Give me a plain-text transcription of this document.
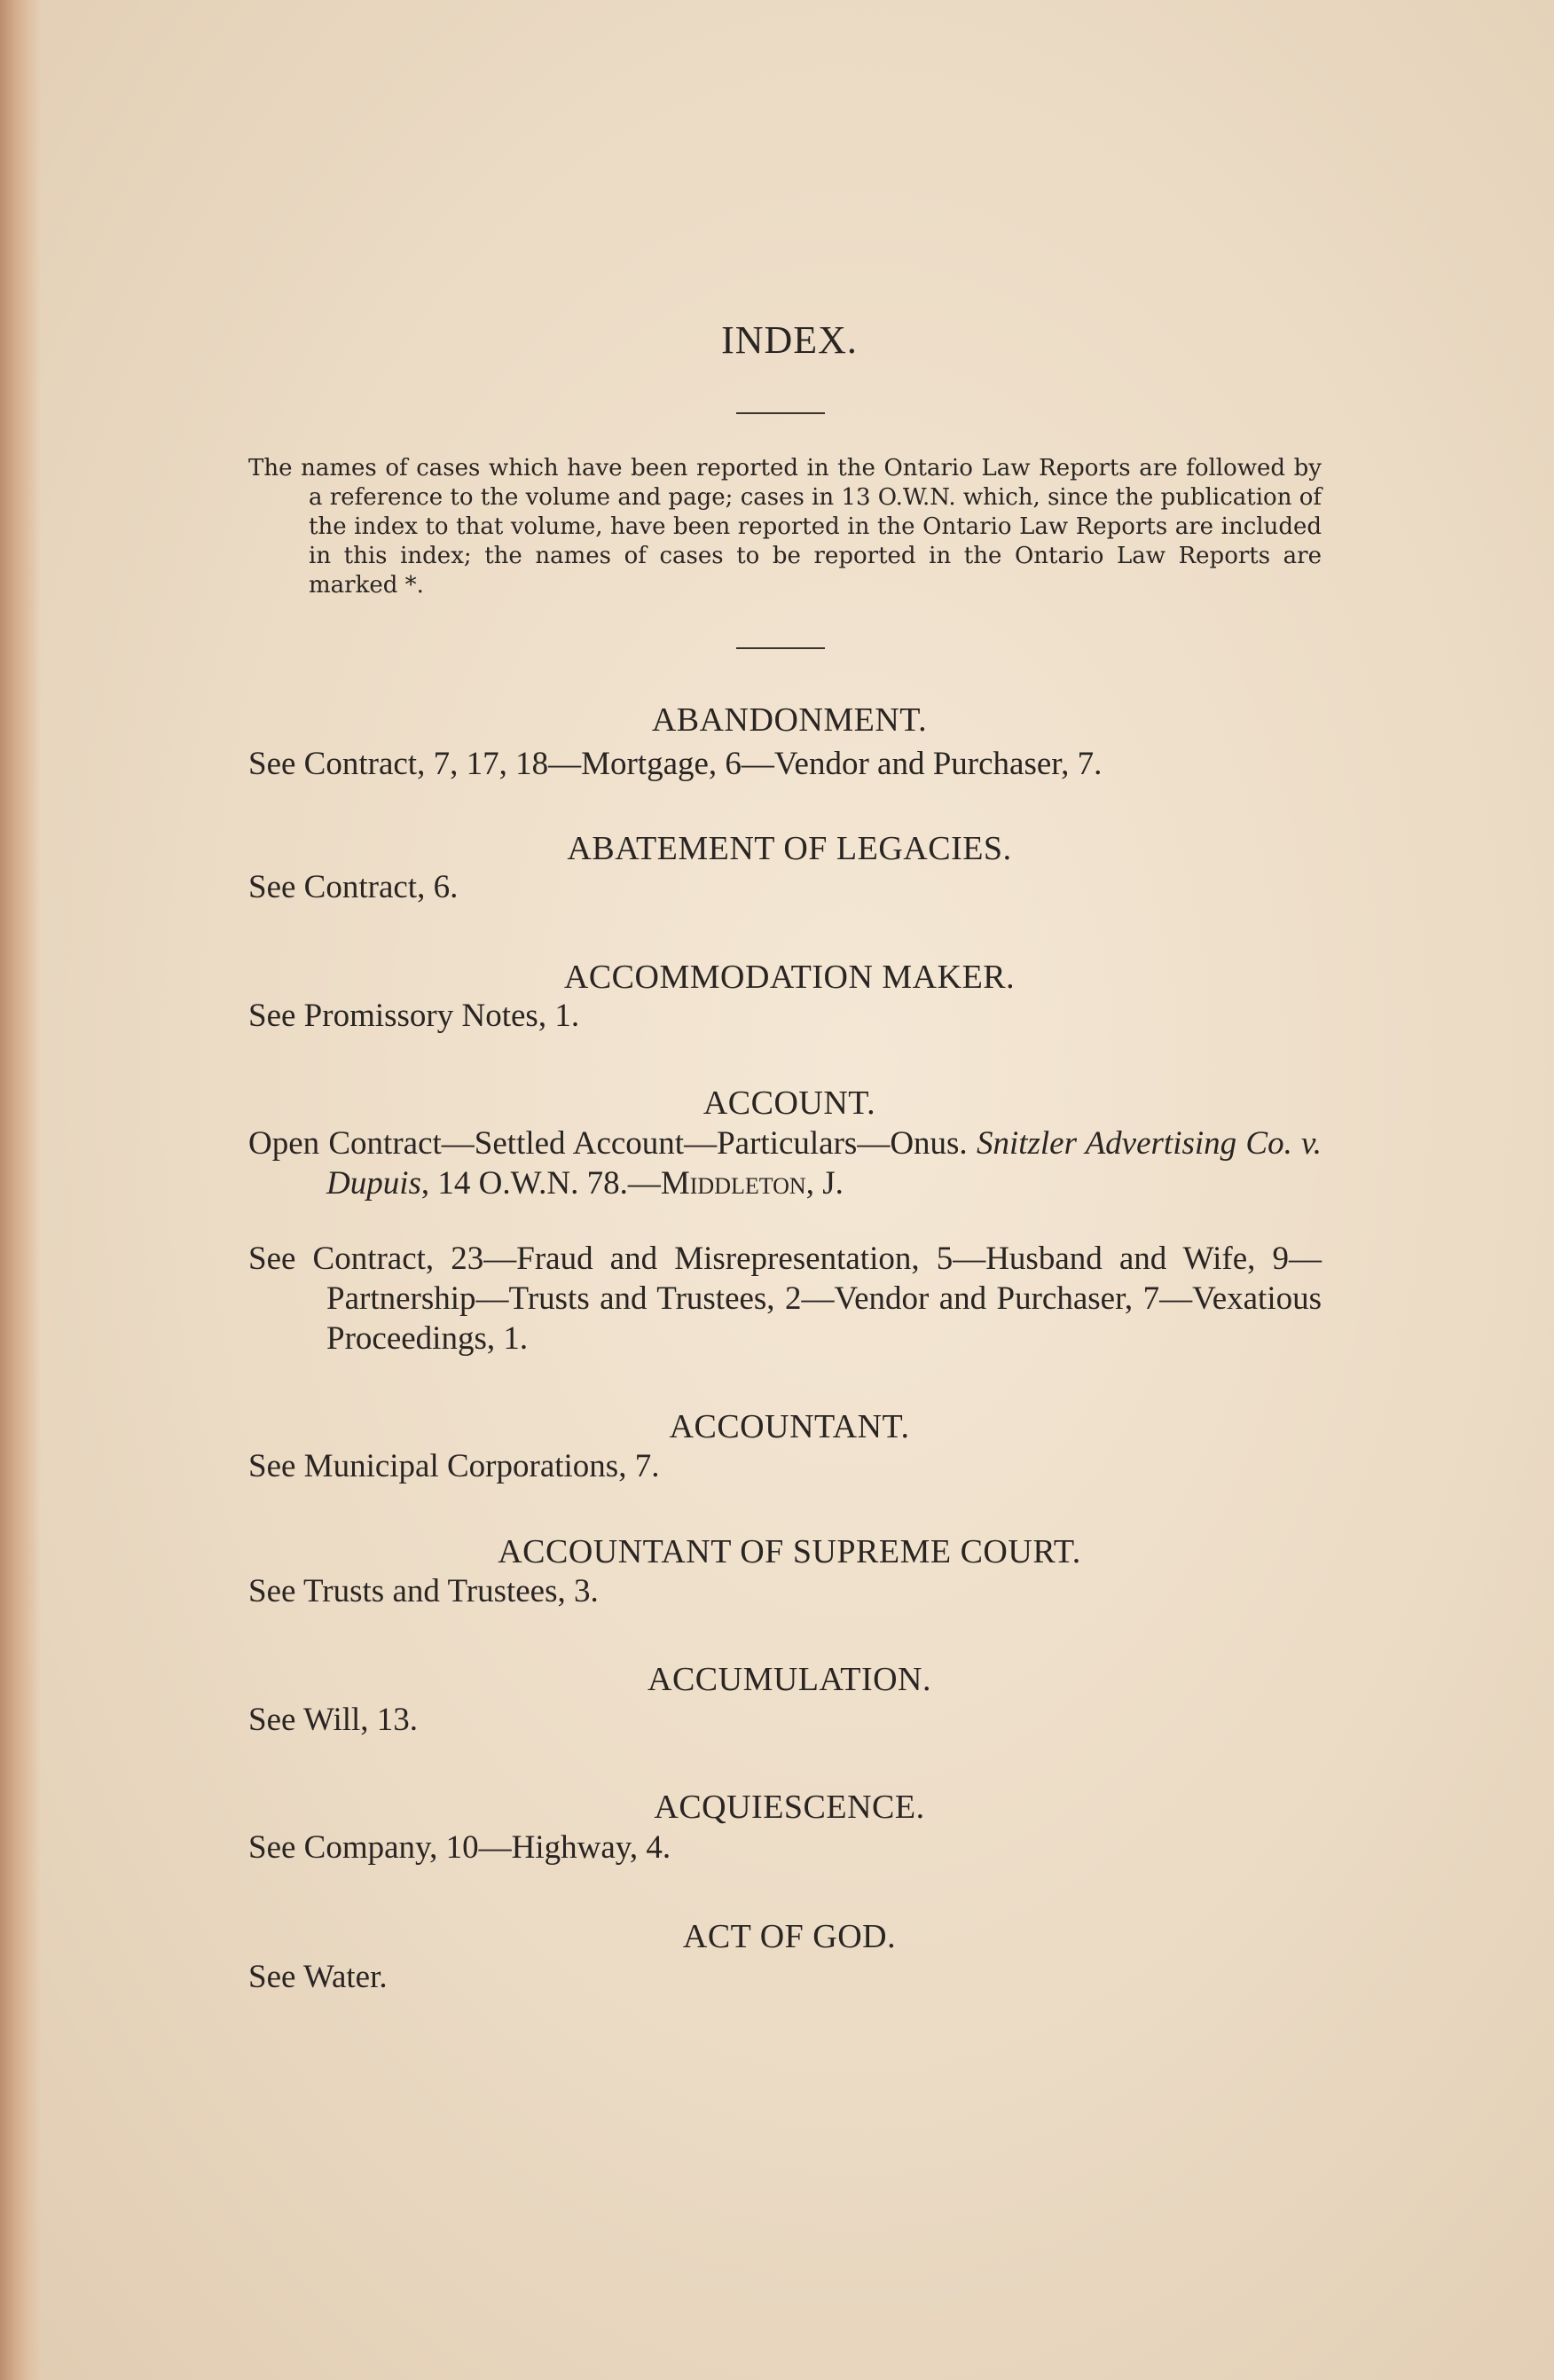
INDEX.
The names of cases which have been reported in the Ontario Law Reports are followed by a reference to the volume and page; cases in 13 O.W.N. which, since the publication of the index to that volume, have been reported in the Ontario Law Reports are included in this index; the names of cases to be reported in the Ontario Law Reports are marked *.
ABANDONMENT.
See Contract, 7, 17, 18—Mortgage, 6—Vendor and Purchaser, 7.
ABATEMENT OF LEGACIES.
See Contract, 6.
ACCOMMODATION MAKER.
See Promissory Notes, 1.
ACCOUNT.
Open Contract—Settled Account—Particulars—Onus. Snitzler Advertising Co. v. Dupuis, 14 O.W.N. 78.—Middleton, J.
See Contract, 23—Fraud and Misrepresentation, 5—Husband and Wife, 9—Partnership—Trusts and Trustees, 2—Vendor and Purchaser, 7—Vexatious Proceedings, 1.
ACCOUNTANT.
See Municipal Corporations, 7.
ACCOUNTANT OF SUPREME COURT.
See Trusts and Trustees, 3.
ACCUMULATION.
See Will, 13.
ACQUIESCENCE.
See Company, 10—Highway, 4.
ACT OF GOD.
See Water.
